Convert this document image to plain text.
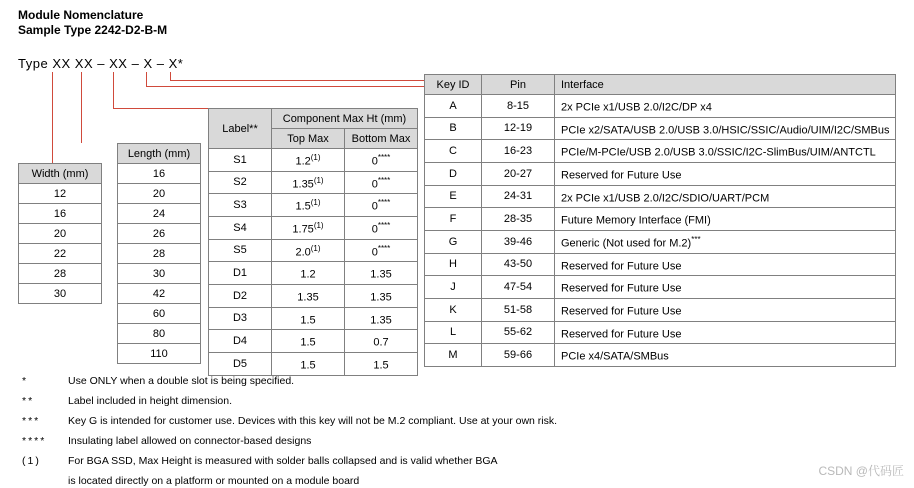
Module Nomenclature
Sample Type 2242-D2-B-M
Type XX XX – XX – X – X*
Width (mm)
12
16
20
22
28
30
Length (mm)
16
20
24
26
28
30
42
60
80
110
Label**	Component Max Ht (mm)	
	Top Max	Bottom Max
S1	1.2$^{(1)}$	0****
S2	1.35$^{(1)}$	0****
S3	1.5$^{(1)}$	0****
S4	1.75$^{(1)}$	0****
S5	2.0$^{(1)}$	0****
D1	1.2	1.35
D2	1.35	1.35
D3	1.5	1.35
D4	1.5	0.7
D5	1.5	1.5
Key ID	Pin	Interface
A	8-15	2x PCIe x1/USB 2.0/I2C/DP x4
B	12-19	PCIe x2/SATA/USB 2.0/USB 3.0/HSIC/SSIC/Audio/UIM/I2C/SMBus
C	16-23	PCIe/M-PCIe/USB 2.0/USB 3.0/SSIC/I2C-SlimBus/UIM/ANTCTL
D	20-27	Reserved for Future Use
E	24-31	2x PCIe x1/USB 2.0/I2C/SDIO/UART/PCM
F	28-35	Future Memory Interface (FMI)
G	39-46	Generic (Not used for M.2)***
H	43-50	Reserved for Future Use
J	47-54	Reserved for Future Use
K	51-58	Reserved for Future Use
L	55-62	Reserved for Future Use
M	59-66	PCIe x4/SATA/SMBus
*	Use ONLY when a double slot is being specified.
**	Label included in height dimension.
***	Key G is intended for customer use. Devices with this key will not be M.2 compliant. Use at your own risk.
****	Insulating label allowed on connector-based designs
(1)	For BGA SSD, Max Height is measured with solder balls collapsed and is valid whether BGA
is located directly on a platform or mounted on a module board
CSDN @代码匠
